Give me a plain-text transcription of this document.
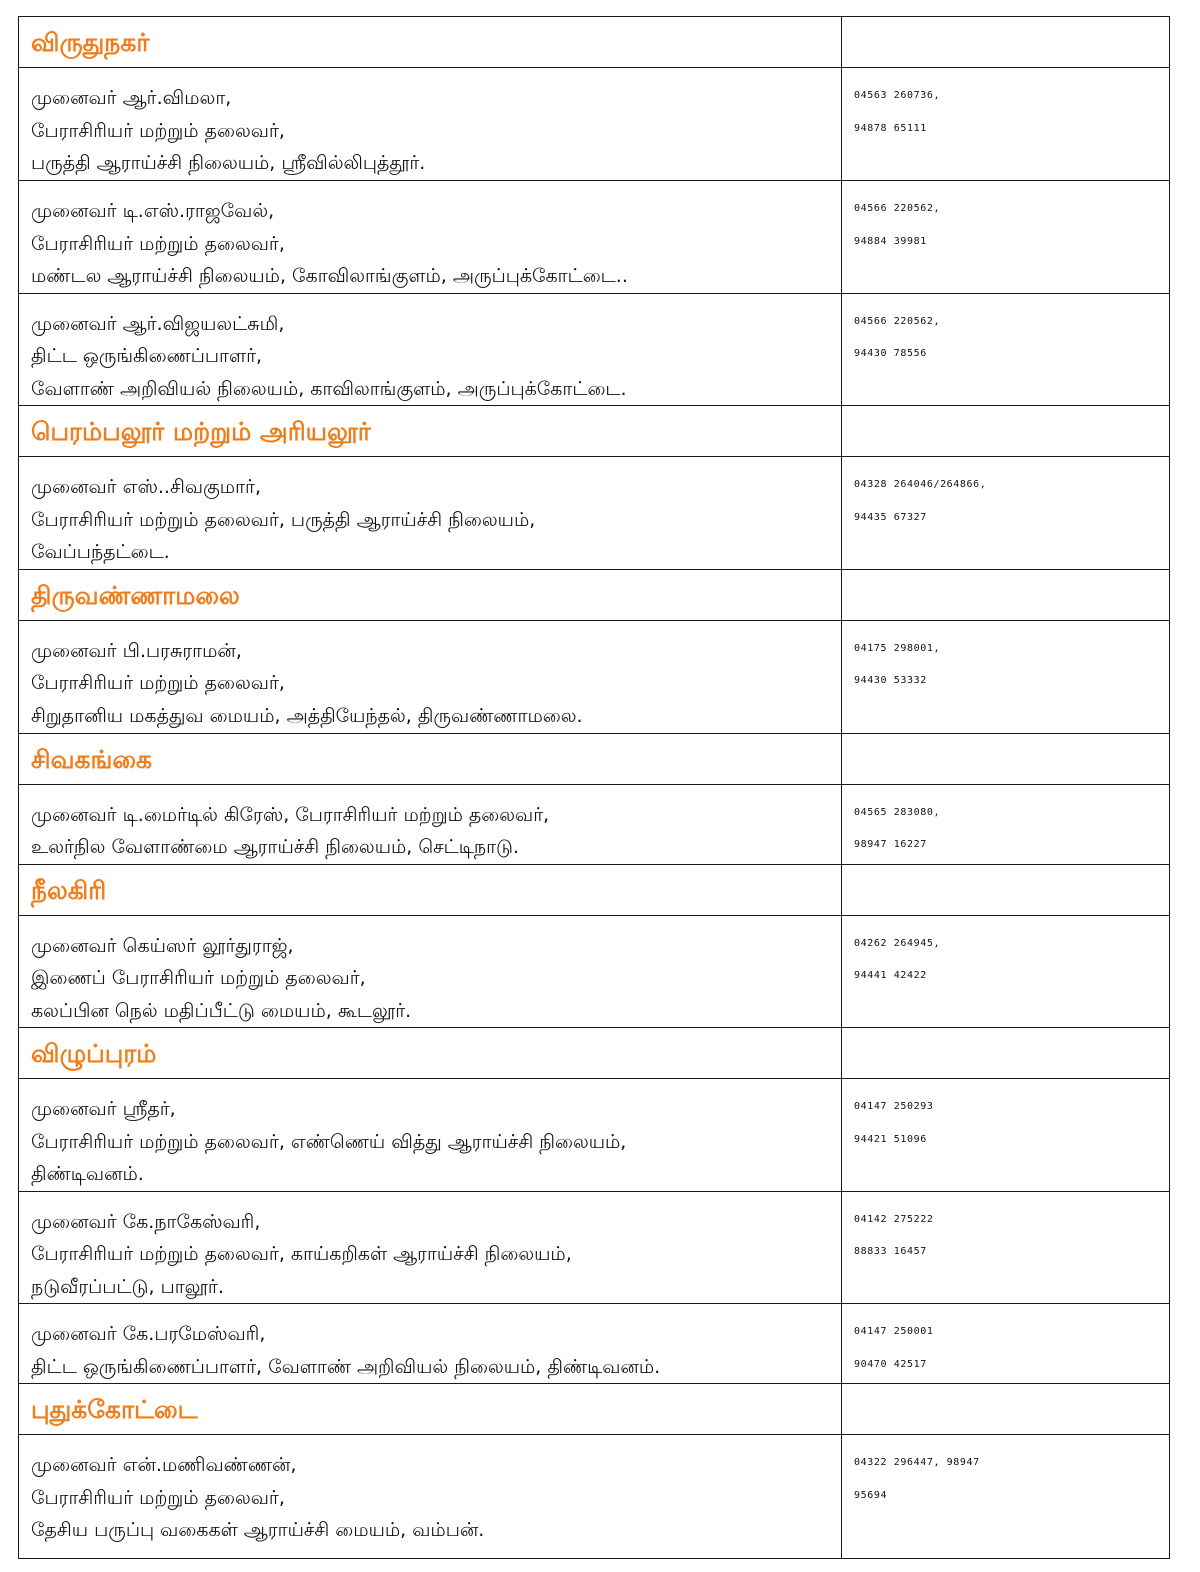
விருதுநகர்	

முனைவர் ஆர்.விமலா,
பேராசிரியர் மற்றும் தலைவர்,
பருத்தி ஆராய்ச்சி நிலையம், ஸ்ரீவில்லிபுத்தூர்.	04563 260736,
94878 65111

முனைவர் டி.எஸ்.ராஜவேல்,
பேராசிரியர் மற்றும் தலைவர்,
மண்டல ஆராய்ச்சி நிலையம், கோவிலாங்குளம், அருப்புக்கோட்டை..	04566 220562,
94884 39981

முனைவர் ஆர்.விஜயலட்சுமி,
திட்ட ஒருங்கிணைப்பாளர்,
வேளாண் அறிவியல் நிலையம், காவிலாங்குளம், அருப்புக்கோட்டை.	04566 220562,
94430 78556

பெரம்பலூர் மற்றும் அரியலூர்	

முனைவர் எஸ்..சிவகுமார்,
பேராசிரியர் மற்றும் தலைவர், பருத்தி ஆராய்ச்சி நிலையம்,
வேப்பந்தட்டை.	04328 264046/264866,
94435 67327

திருவண்ணாமலை	

முனைவர் பி.பரசுராமன்,
பேராசிரியர் மற்றும் தலைவர்,
சிறுதானிய மகத்துவ மையம், அத்தியேந்தல், திருவண்ணாமலை.	04175 298001,
94430 53332

சிவகங்கை	

முனைவர் டி.மைர்டில் கிரேஸ், பேராசிரியர் மற்றும் தலைவர்,
உலர்நில வேளாண்மை ஆராய்ச்சி நிலையம், செட்டிநாடு.	04565 283080,
98947 16227

நீலகிரி	

முனைவர் கெய்ஸர் லூர்துராஜ்,
இணைப் பேராசிரியர் மற்றும் தலைவர்,
கலப்பின நெல் மதிப்பீட்டு மையம், கூடலூர்.	04262 264945,
94441 42422

விழுப்புரம்	

முனைவர் ஸ்ரீதர்,
பேராசிரியர் மற்றும் தலைவர், எண்ணெய் வித்து ஆராய்ச்சி நிலையம்,
திண்டிவனம்.	04147 250293
94421 51096

முனைவர் கே.நாகேஸ்வரி,
பேராசிரியர் மற்றும் தலைவர், காய்கறிகள் ஆராய்ச்சி நிலையம்,
நடுவீரப்பட்டு, பாலூர்.	04142 275222
88833 16457

முனைவர் கே.பரமேஸ்வரி,
திட்ட ஒருங்கிணைப்பாளர், வேளாண் அறிவியல் நிலையம், திண்டிவனம்.	04147 250001
90470 42517

புதுக்கோட்டை	

முனைவர் என்.மணிவண்ணன்,
பேராசிரியர் மற்றும் தலைவர்,
தேசிய பருப்பு வகைகள் ஆராய்ச்சி மையம், வம்பன்.	04322 296447, 98947
95694
